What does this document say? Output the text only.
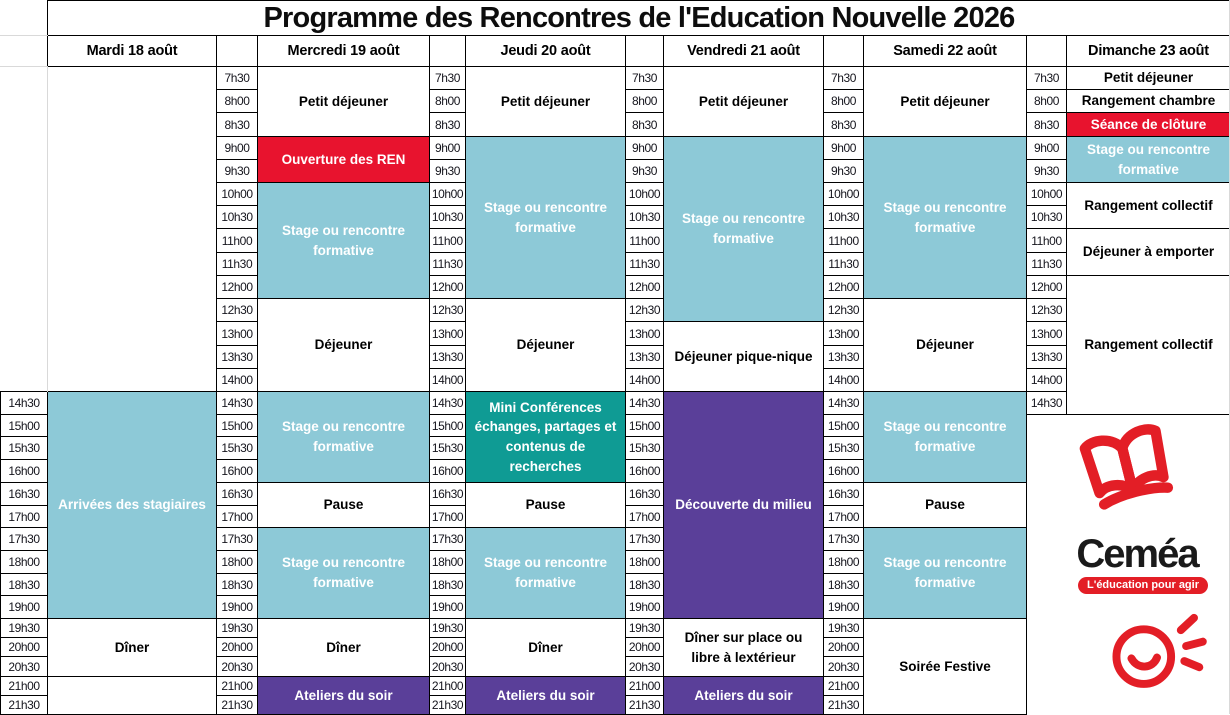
Programme des Rencontres de l'Education Nouvelle 2026
Mardi 18 août
14h30
15h00
15h30
16h00
16h30
17h00
17h30
18h00
18h30
19h00
19h30
20h00
20h30
21h00
21h30
Arrivées des stagiaires
Dîner
Mercredi 19 août
7h30
8h00
8h30
9h00
9h30
10h00
10h30
11h00
11h30
12h00
12h30
13h00
13h30
14h00
14h30
15h00
15h30
16h00
16h30
17h00
17h30
18h00
18h30
19h00
19h30
20h00
20h30
21h00
21h30
Petit déjeuner
Ouverture des REN
Stage ou rencontre formative
Déjeuner
Stage ou rencontre formative
Pause
Stage ou rencontre formative
Dîner
Ateliers du soir
Jeudi 20 août
7h30
8h00
8h30
9h00
9h30
10h00
10h30
11h00
11h30
12h00
12h30
13h00
13h30
14h00
14h30
15h00
15h30
16h00
16h30
17h00
17h30
18h00
18h30
19h00
19h30
20h00
20h30
21h00
21h30
Petit déjeuner
Stage ou rencontre formative
Déjeuner
Mini Conférences échanges, partages et contenus de recherches
Pause
Stage ou rencontre formative
Dîner
Ateliers du soir
Vendredi 21 août
7h30
8h00
8h30
9h00
9h30
10h00
10h30
11h00
11h30
12h00
12h30
13h00
13h30
14h00
14h30
15h00
15h30
16h00
16h30
17h00
17h30
18h00
18h30
19h00
19h30
20h00
20h30
21h00
21h30
Petit déjeuner
Stage ou rencontre formative
Déjeuner pique-nique
Découverte du milieu
Dîner sur place ou libre à lextérieur
Ateliers du soir
Samedi 22 août
7h30
8h00
8h30
9h00
9h30
10h00
10h30
11h00
11h30
12h00
12h30
13h00
13h30
14h00
14h30
15h00
15h30
16h00
16h30
17h00
17h30
18h00
18h30
19h00
19h30
20h00
20h30
21h00
21h30
Petit déjeuner
Stage ou rencontre formative
Déjeuner
Stage ou rencontre formative
Pause
Stage ou rencontre formative
Soirée Festive
Dimanche 23 août
7h30
8h00
8h30
9h00
9h30
10h00
10h30
11h00
11h30
12h00
12h30
13h00
13h30
14h00
14h30
Petit déjeuner
Rangement chambre
Séance de clôture
Stage ou rencontre formative
Rangement collectif
Déjeuner à emporter
Rangement collectif
Ceméa
L'éducation pour agir
